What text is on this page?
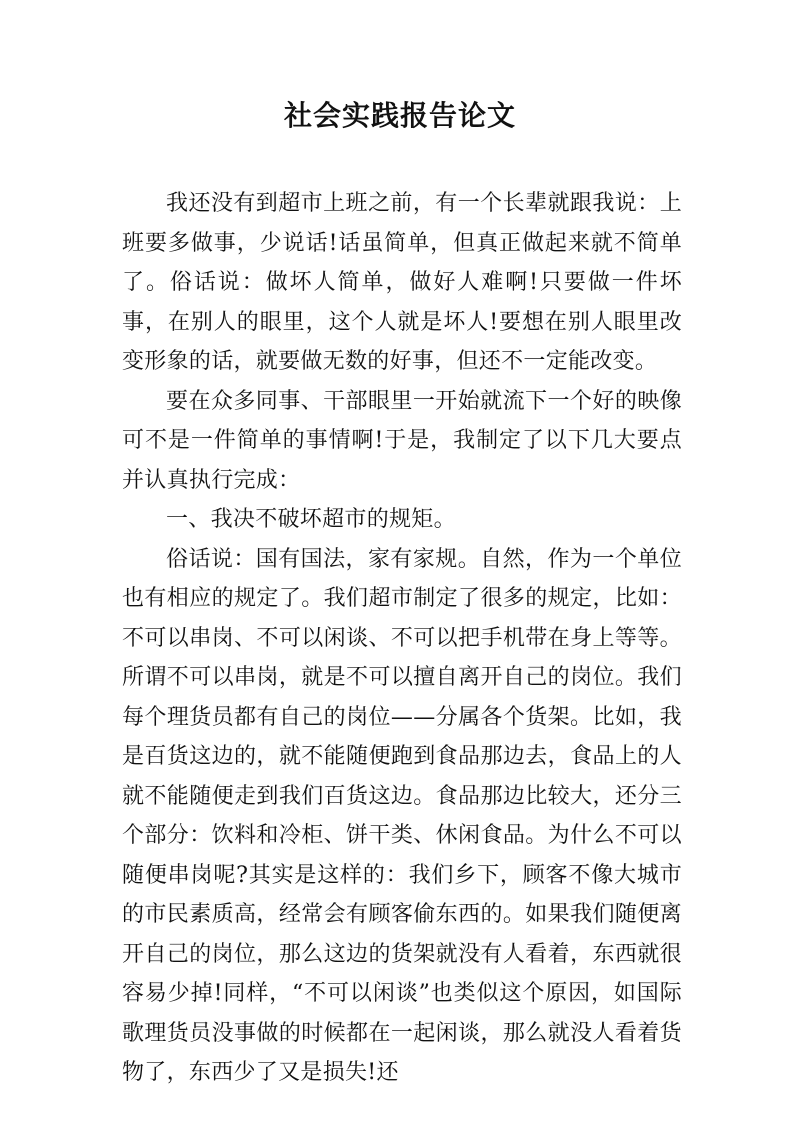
社会实践报告论文

我还没有到超市上班之前，有一个长辈就跟我说：上班要多做事，少说话!话虽简单，但真正做起来就不简单了。俗话说：做坏人简单，做好人难啊!只要做一件坏事，在别人的眼里，这个人就是坏人!要想在别人眼里改变形象的话，就要做无数的好事，但还不一定能改变。

要在众多同事、干部眼里一开始就流下一个好的映像可不是一件简单的事情啊!于是，我制定了以下几大要点并认真执行完成：

一、我决不破坏超市的规矩。

俗话说：国有国法，家有家规。自然，作为一个单位也有相应的规定了。我们超市制定了很多的规定，比如：不可以串岗、不可以闲谈、不可以把手机带在身上等等。所谓不可以串岗，就是不可以擅自离开自己的岗位。我们每个理货员都有自己的岗位——分属各个货架。比如，我是百货这边的，就不能随便跑到食品那边去，食品上的人就不能随便走到我们百货这边。食品那边比较大，还分三个部分：饮料和冷柜、饼干类、休闲食品。为什么不可以随便串岗呢?其实是这样的：我们乡下，顾客不像大城市的市民素质高，经常会有顾客偷东西的。如果我们随便离开自己的岗位，那么这边的货架就没有人看着，东西就很容易少掉!同样，“不可以闲谈”也类似这个原因，如国际歌理货员没事做的时候都在一起闲谈，那么就没人看着货物了，东西少了又是损失!还
